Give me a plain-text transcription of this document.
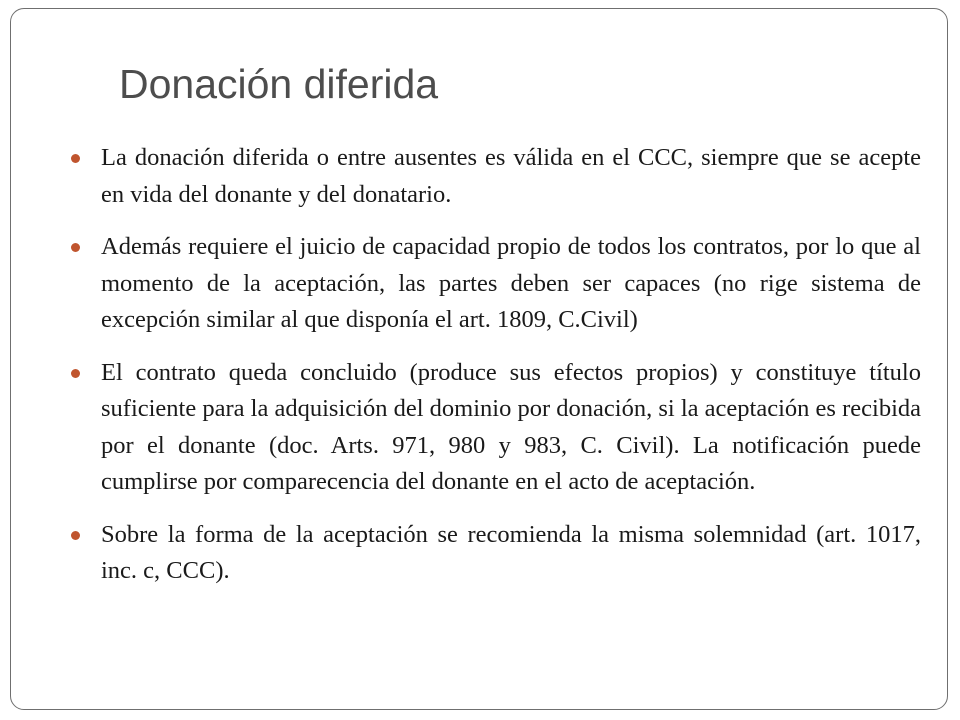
Donación diferida
La donación diferida o entre ausentes es válida en el CCC, siempre que se acepte en vida del donante y del donatario.
Además requiere el juicio de capacidad propio de todos los contratos, por lo que al momento de la aceptación, las partes deben ser capaces (no rige sistema de excepción similar al que disponía el art. 1809, C.Civil)
El contrato queda concluido (produce sus efectos propios) y constituye título suficiente para la adquisición del dominio por donación, si la aceptación es recibida por el donante (doc. Arts. 971, 980 y 983, C. Civil). La notificación puede cumplirse por comparecencia del donante en el acto de aceptación.
Sobre la forma de la aceptación se recomienda la misma solemnidad (art. 1017, inc. c, CCC).
